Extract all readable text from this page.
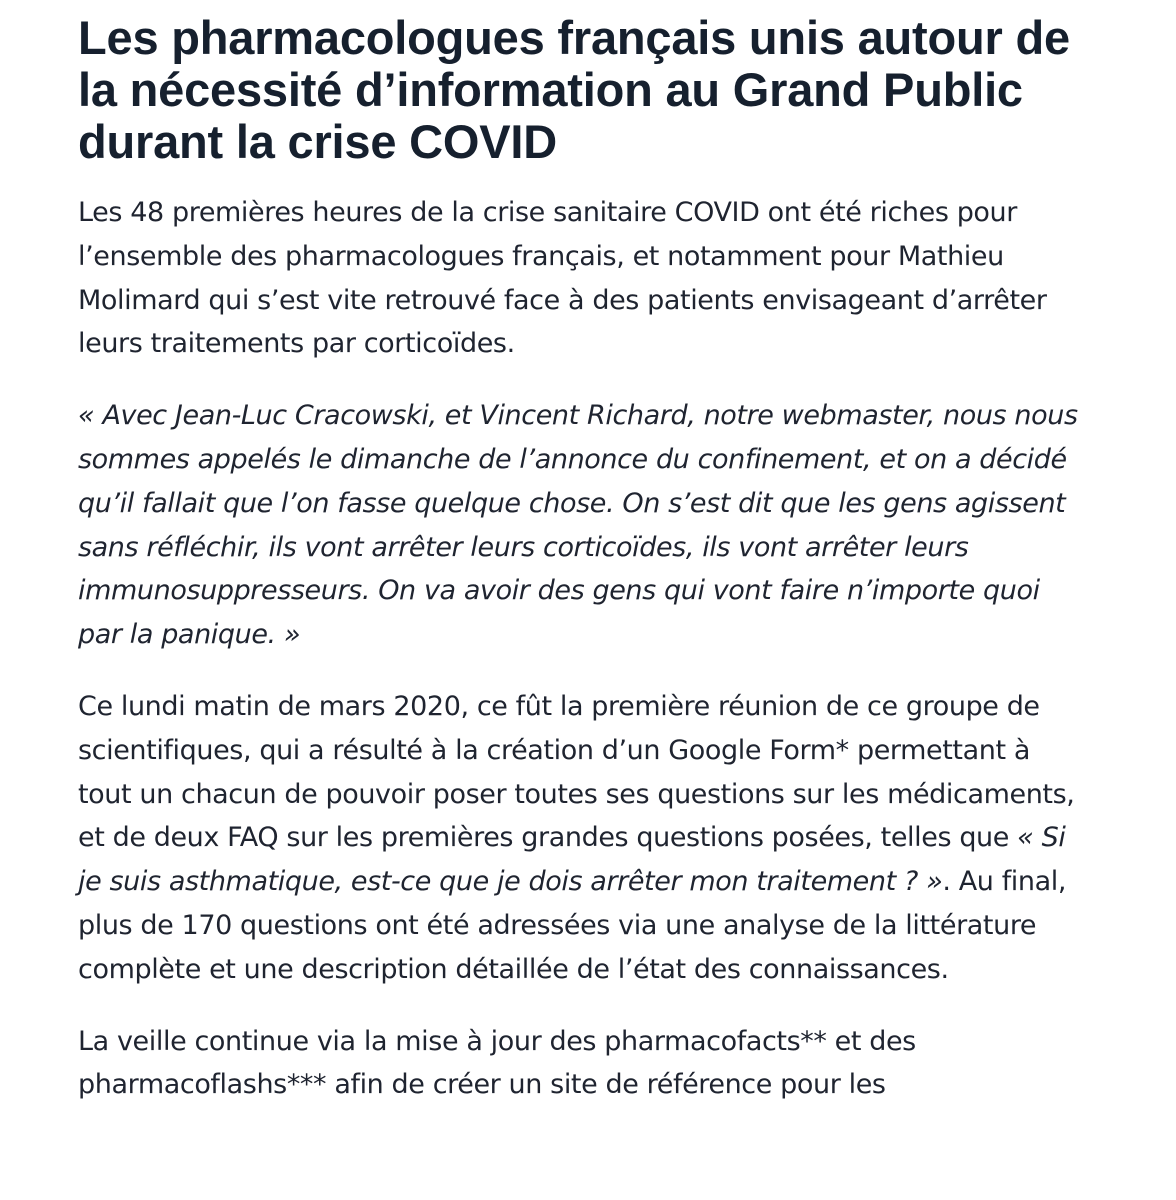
Les pharmacologues français unis autour de la nécessité d’information au Grand Public durant la crise COVID

Les 48 premières heures de la crise sanitaire COVID ont été riches pour l’ensemble des pharmacologues français, et notamment pour Mathieu Molimard qui s’est vite retrouvé face à des patients envisageant d’arrêter leurs traitements par corticoïdes.

« Avec Jean-Luc Cracowski, et Vincent Richard, notre webmaster, nous nous sommes appelés le dimanche de l’annonce du confinement, et on a décidé qu’il fallait que l’on fasse quelque chose. On s’est dit que les gens agissent sans réfléchir, ils vont arrêter leurs corticoïdes, ils vont arrêter leurs immunosuppresseurs. On va avoir des gens qui vont faire n’importe quoi par la panique. »

Ce lundi matin de mars 2020, ce fût la première réunion de ce groupe de scientifiques, qui a résulté à la création d’un Google Form* permettant à tout un chacun de pouvoir poser toutes ses questions sur les médicaments, et de deux FAQ sur les premières grandes questions posées, telles que « Si je suis asthmatique, est-ce que je dois arrêter mon traitement ? ». Au final, plus de 170 questions ont été adressées via une analyse de la littérature complète et une description détaillée de l’état des connaissances.

La veille continue via la mise à jour des pharmacofacts** et des pharmacoflashs*** afin de créer un site de référence pour les
